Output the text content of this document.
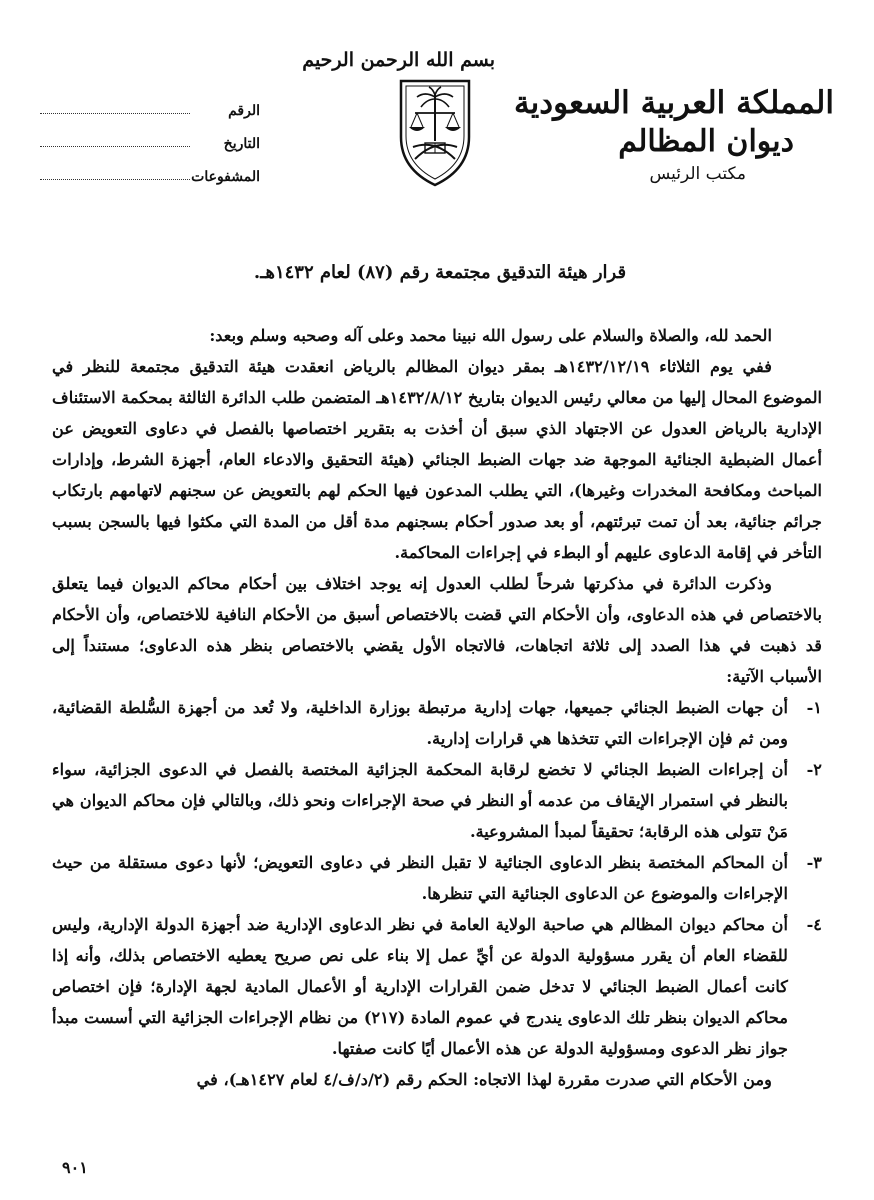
المملكة العربية السعودية
ديوان المظالم
مكتب الرئيس
بسم الله الرحمن الرحيم
الرقم
التاريخ
المشفوعات
قرار هيئة التدقيق مجتمعة رقم (٨٧) لعام ١٤٣٢هـ.

الحمد لله، والصلاة والسلام على رسول الله نبينا محمد وعلى آله وصحبه وسلم وبعد:

ففي يوم الثلاثاء ١٤٣٢/١٢/١٩هـ بمقر ديوان المظالم بالرياض انعقدت هيئة التدقيق مجتمعة للنظر في الموضوع المحال إليها من معالي رئيس الديوان بتاريخ ١٤٣٢/٨/١٢هـ المتضمن طلب الدائرة الثالثة بمحكمة الاستئناف الإدارية بالرياض العدول عن الاجتهاد الذي سبق أن أخذت به بتقرير اختصاصها بالفصل في دعاوى التعويض عن أعمال الضبطية الجنائية الموجهة ضد جهات الضبط الجنائي (هيئة التحقيق والادعاء العام، أجهزة الشرط، وإدارات المباحث ومكافحة المخدرات وغيرها)، التي يطلب المدعون فيها الحكم لهم بالتعويض عن سجنهم لاتهامهم بارتكاب جرائم جنائية، بعد أن تمت تبرئتهم، أو بعد صدور أحكام بسجنهم مدة أقل من المدة التي مكثوا فيها بالسجن بسبب التأخر في إقامة الدعاوى عليهم أو البطء في إجراءات المحاكمة.

وذكرت الدائرة في مذكرتها شرحاً لطلب العدول إنه يوجد اختلاف بين أحكام محاكم الديوان فيما يتعلق بالاختصاص في هذه الدعاوى، وأن الأحكام التي قضت بالاختصاص أسبق من الأحكام النافية للاختصاص، وأن الأحكام قد ذهبت في هذا الصدد إلى ثلاثة اتجاهات، فالاتجاه الأول يقضي بالاختصاص بنظر هذه الدعاوى؛ مستنداً إلى الأسباب الآتية:

١-
أن جهات الضبط الجنائي جميعها، جهات إدارية مرتبطة بوزارة الداخلية، ولا تُعد من أجهزة السُّلطة القضائية، ومن ثم فإن الإجراءات التي تتخذها هي قرارات إدارية.
٢-
أن إجراءات الضبط الجنائي لا تخضع لرقابة المحكمة الجزائية المختصة بالفصل في الدعوى الجزائية، سواء بالنظر في استمرار الإيقاف من عدمه أو النظر في صحة الإجراءات ونحو ذلك، وبالتالي فإن محاكم الديوان هي مَنْ تتولى هذه الرقابة؛ تحقيقاً لمبدأ المشروعية.
٣-
أن المحاكم المختصة بنظر الدعاوى الجنائية لا تقبل النظر في دعاوى التعويض؛ لأنها دعوى مستقلة من حيث الإجراءات والموضوع عن الدعاوى الجنائية التي تنظرها.
٤-
أن محاكم ديوان المظالم هي صاحبة الولاية العامة في نظر الدعاوى الإدارية ضد أجهزة الدولة الإدارية، وليس للقضاء العام أن يقرر مسؤولية الدولة عن أيِّ عمل إلا بناء على نص صريح يعطيه الاختصاص بذلك، وأنه إذا كانت أعمال الضبط الجنائي لا تدخل ضمن القرارات الإدارية أو الأعمال المادية لجهة الإدارة؛ فإن اختصاص محاكم الديوان بنظر تلك الدعاوى يندرج في عموم المادة (٢١٧) من نظام الإجراءات الجزائية التي أسست مبدأ جواز نظر الدعوى ومسؤولية الدولة عن هذه الأعمال أيًا كانت صفتها.

ومن الأحكام التي صدرت مقررة لهذا الاتجاه: الحكم رقم (٢/د/ف/٤ لعام ١٤٢٧هـ)، في

٩٠١
